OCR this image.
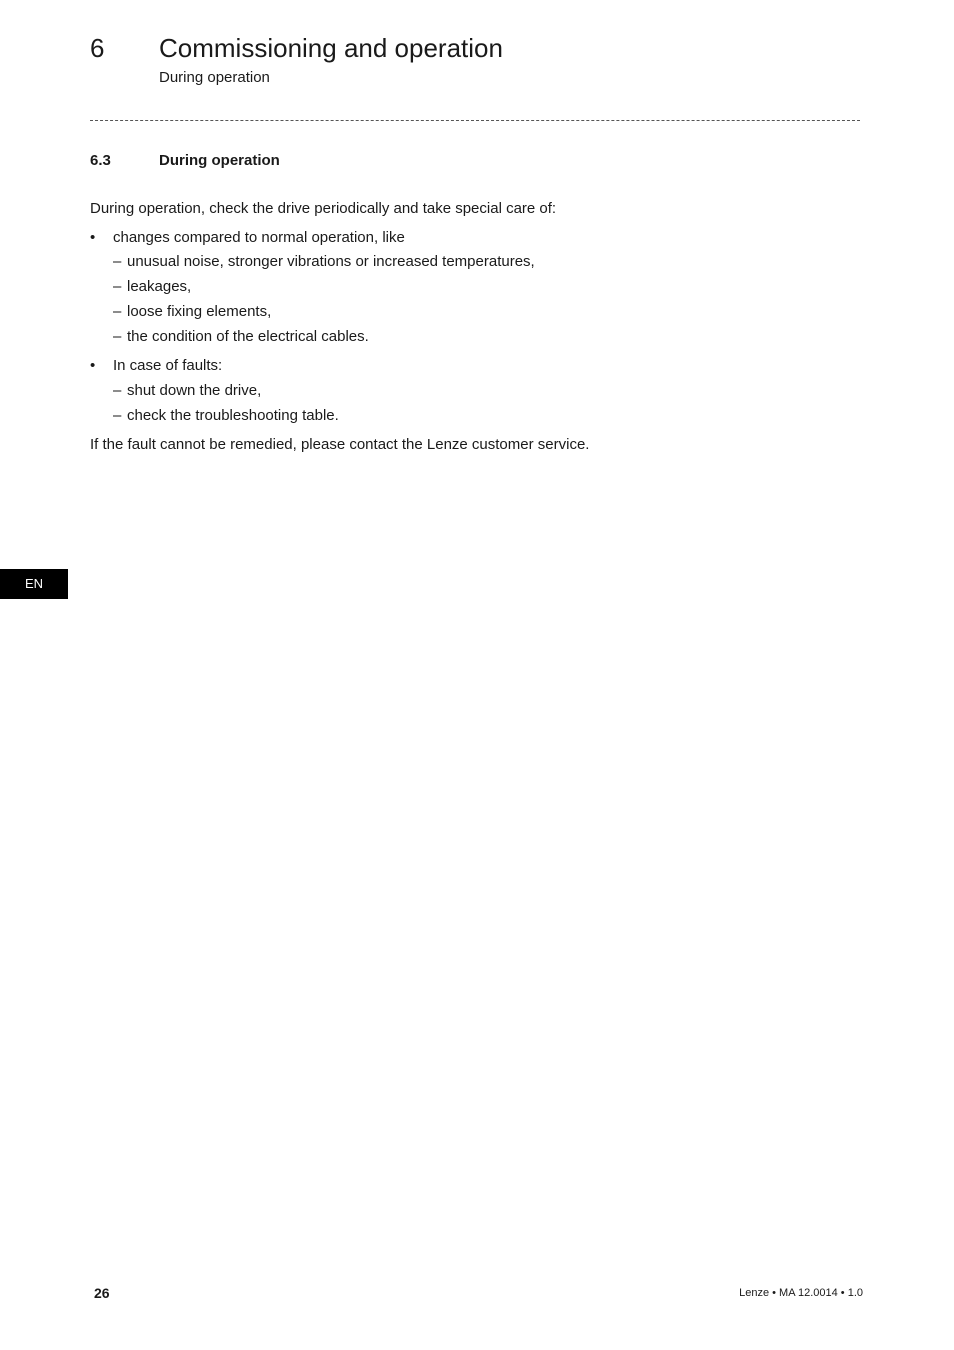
6 Commissioning and operation
During operation
6.3	During operation

During operation, check the drive periodically and take special care of:

•	changes compared to normal operation, like
– unusual noise, stronger vibrations or increased temperatures,
– leakages,
– loose fixing elements,
– the condition of the electrical cables.
•	In case of faults:
– shut down the drive,
– check the troubleshooting table.

If the fault cannot be remedied, please contact the Lenze customer service.

EN
26	Lenze • MA 12.0014 • 1.0
